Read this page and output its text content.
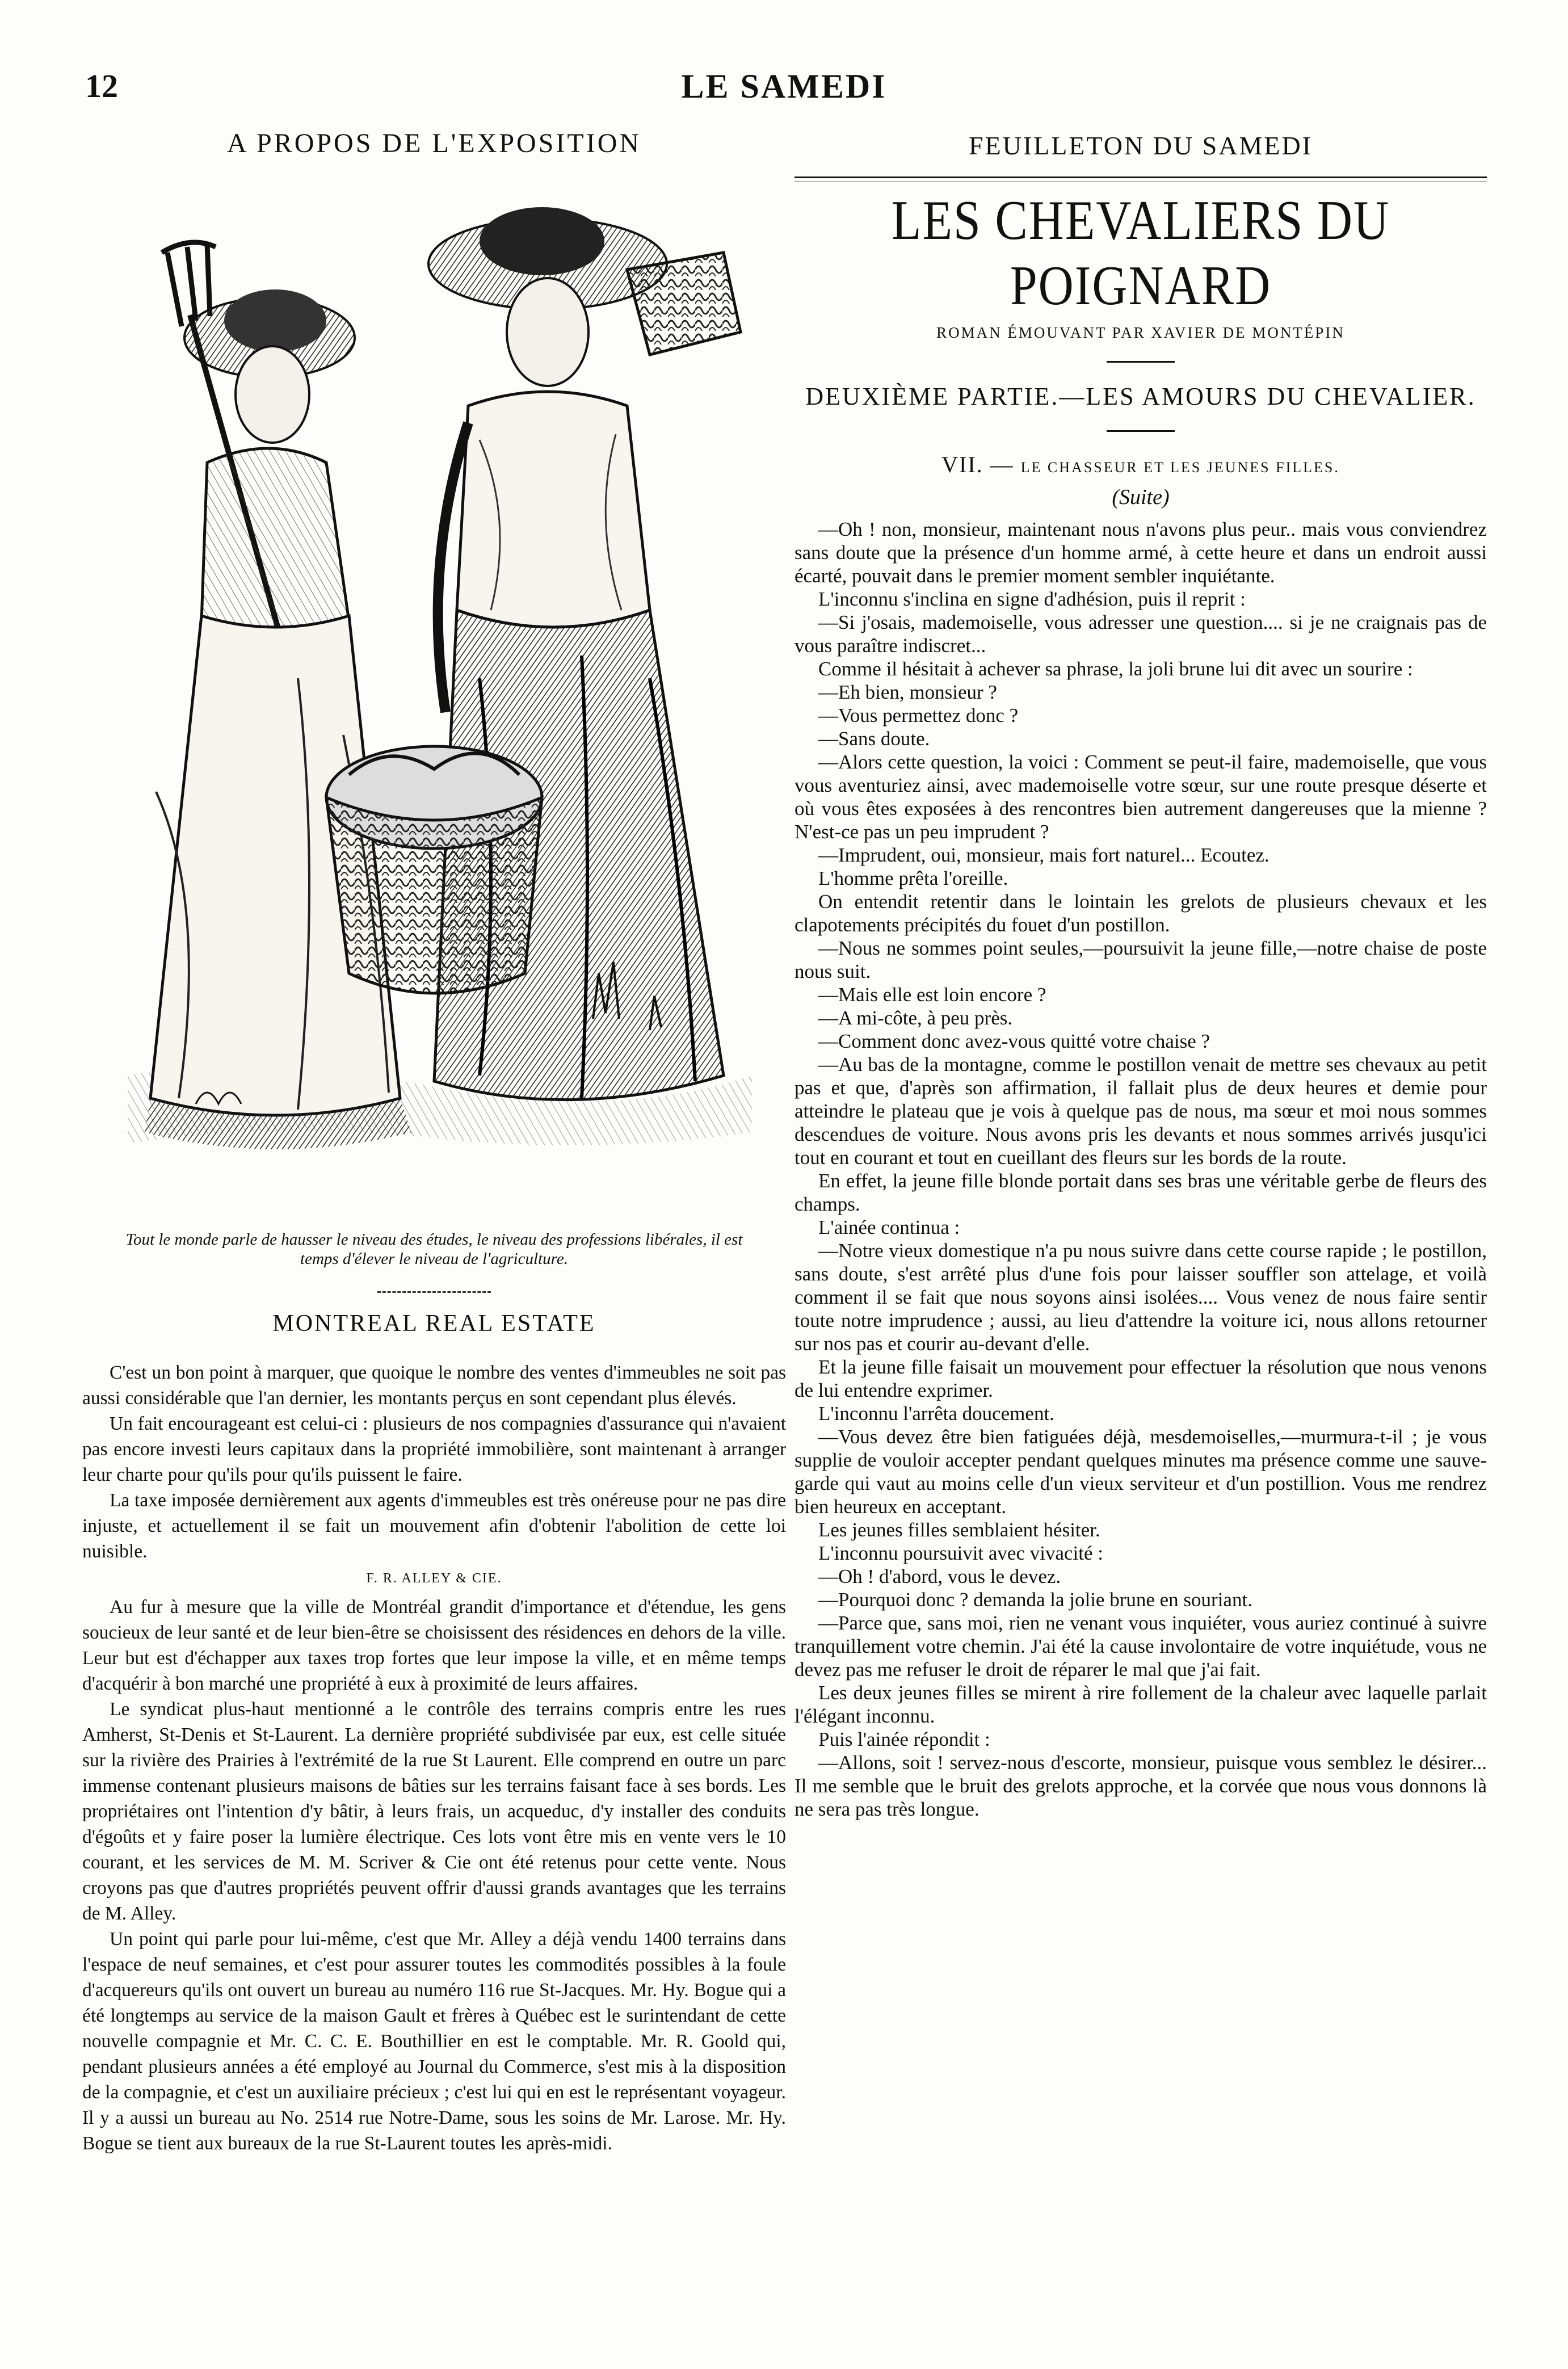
12	LE SAMEDI
A PROPOS DE L'EXPOSITION
Tout le monde parle de hausser le niveau des études, le niveau des professions libérales, il est temps d'élever le niveau de l'agriculture.
MONTREAL REAL ESTATE

C'est un bon point à marquer, que quoique le nombre des ventes d'immeubles ne soit pas aussi considérable que l'an dernier, les montants perçus en sont cependant plus élevés.

Un fait encourageant est celui-ci : plusieurs de nos compagnies d'assurance qui n'avaient pas encore investi leurs capitaux dans la propriété immobilière, sont maintenant à arranger leur charte pour qu'ils pour qu'ils puissent le faire.

La taxe imposée dernièrement aux agents d'immeubles est très onéreuse pour ne pas dire injuste, et actuellement il se fait un mouvement afin d'obtenir l'abolition de cette loi nuisible.

F. R. ALLEY & CIE.

Au fur à mesure que la ville de Montréal grandit d'importance et d'étendue, les gens soucieux de leur santé et de leur bien-être se choisissent des résidences en dehors de la ville. Leur but est d'échapper aux taxes trop fortes que leur impose la ville, et en même temps d'acquérir à bon marché une propriété à eux à proximité de leurs affaires.

Le syndicat plus-haut mentionné a le contrôle des terrains compris entre les rues Amherst, St-Denis et St-Laurent. La dernière propriété subdivisée par eux, est celle située sur la rivière des Prairies à l'extrémité de la rue St Laurent. Elle comprend en outre un parc immense contenant plusieurs maisons de bâties sur les terrains faisant face à ses bords. Les propriétaires ont l'intention d'y bâtir, à leurs frais, un acqueduc, d'y installer des conduits d'égoûts et y faire poser la lumière électrique. Ces lots vont être mis en vente vers le 10 courant, et les services de M. M. Scriver & Cie ont été retenus pour cette vente. Nous croyons pas que d'autres propriétés peuvent offrir d'aussi grands avantages que les terrains de M. Alley.

Un point qui parle pour lui-même, c'est que Mr. Alley a déjà vendu 1400 terrains dans l'espace de neuf semaines, et c'est pour assurer toutes les commodités possibles à la foule d'acquereurs qu'ils ont ouvert un bureau au numéro 116 rue St-Jacques. Mr. Hy. Bogue qui a été longtemps au service de la maison Gault et frères à Québec est le surintendant de cette nouvelle compagnie et Mr. C. C. E. Bouthillier en est le comptable. Mr. R. Goold qui, pendant plusieurs années a été employé au Journal du Commerce, s'est mis à la disposition de la compagnie, et c'est un auxiliaire précieux ; c'est lui qui en est le représentant voyageur. Il y a aussi un bureau au No. 2514 rue Notre-Dame, sous les soins de Mr. Larose. Mr. Hy. Bogue se tient aux bureaux de la rue St-Laurent toutes les après-midi.

FEUILLETON DU SAMEDI
LES CHEVALIERS DU POIGNARD
ROMAN ÉMOUVANT PAR XAVIER DE MONTÉPIN
DEUXIÈME PARTIE.—LES AMOURS DU CHEVALIER.
VII. — LE CHASSEUR ET LES JEUNES FILLES.
(Suite)

—Oh ! non, monsieur, maintenant nous n'avons plus peur.. mais vous conviendrez sans doute que la présence d'un homme armé, à cette heure et dans un endroit aussi écarté, pouvait dans le premier moment sembler inquiétante.

L'inconnu s'inclina en signe d'adhésion, puis il reprit :

—Si j'osais, mademoiselle, vous adresser une question.... si je ne craignais pas de vous paraître indiscret...

Comme il hésitait à achever sa phrase, la joli brune lui dit avec un sourire :

—Eh bien, monsieur ?

—Vous permettez donc ?

—Sans doute.

—Alors cette question, la voici : Comment se peut-il faire, mademoiselle, que vous vous aventuriez ainsi, avec mademoiselle votre sœur, sur une route presque déserte et où vous êtes exposées à des rencontres bien autrement dangereuses que la mienne ? N'est-ce pas un peu imprudent ?

—Imprudent, oui, monsieur, mais fort naturel... Ecoutez.

L'homme prêta l'oreille.

On entendit retentir dans le lointain les grelots de plusieurs chevaux et les clapotements précipités du fouet d'un postillon.

—Nous ne sommes point seules,—poursuivit la jeune fille,—notre chaise de poste nous suit.

—Mais elle est loin encore ?

—A mi-côte, à peu près.

—Comment donc avez-vous quitté votre chaise ?

—Au bas de la montagne, comme le postillon venait de mettre ses chevaux au petit pas et que, d'après son affirmation, il fallait plus de deux heures et demie pour atteindre le plateau que je vois à quelque pas de nous, ma sœur et moi nous sommes descendues de voiture. Nous avons pris les devants et nous sommes arrivés jusqu'ici tout en courant et tout en cueillant des fleurs sur les bords de la route.

En effet, la jeune fille blonde portait dans ses bras une véritable gerbe de fleurs des champs.

L'ainée continua :

—Notre vieux domestique n'a pu nous suivre dans cette course rapide ; le postillon, sans doute, s'est arrêté plus d'une fois pour laisser souffler son attelage, et voilà comment il se fait que nous soyons ainsi isolées.... Vous venez de nous faire sentir toute notre imprudence ; aussi, au lieu d'attendre la voiture ici, nous allons retourner sur nos pas et courir au-devant d'elle.

Et la jeune fille faisait un mouvement pour effectuer la résolution que nous venons de lui entendre exprimer.

L'inconnu l'arrêta doucement.

—Vous devez être bien fatiguées déjà, mesdemoiselles,—murmura-t-il ; je vous supplie de vouloir accepter pendant quelques minutes ma présence comme une sauve-garde qui vaut au moins celle d'un vieux serviteur et d'un postillion. Vous me rendrez bien heureux en acceptant.

Les jeunes filles semblaient hésiter.

L'inconnu poursuivit avec vivacité :

—Oh ! d'abord, vous le devez.

—Pourquoi donc ? demanda la jolie brune en souriant.

—Parce que, sans moi, rien ne venant vous inquiéter, vous auriez continué à suivre tranquillement votre chemin. J'ai été la cause involontaire de votre inquiétude, vous ne devez pas me refuser le droit de réparer le mal que j'ai fait.

Les deux jeunes filles se mirent à rire follement de la chaleur avec laquelle parlait l'élégant inconnu.

Puis l'ainée répondit :

—Allons, soit ! servez-nous d'escorte, monsieur, puisque vous semblez le désirer... Il me semble que le bruit des grelots approche, et la corvée que nous vous donnons là ne sera pas très longue.
